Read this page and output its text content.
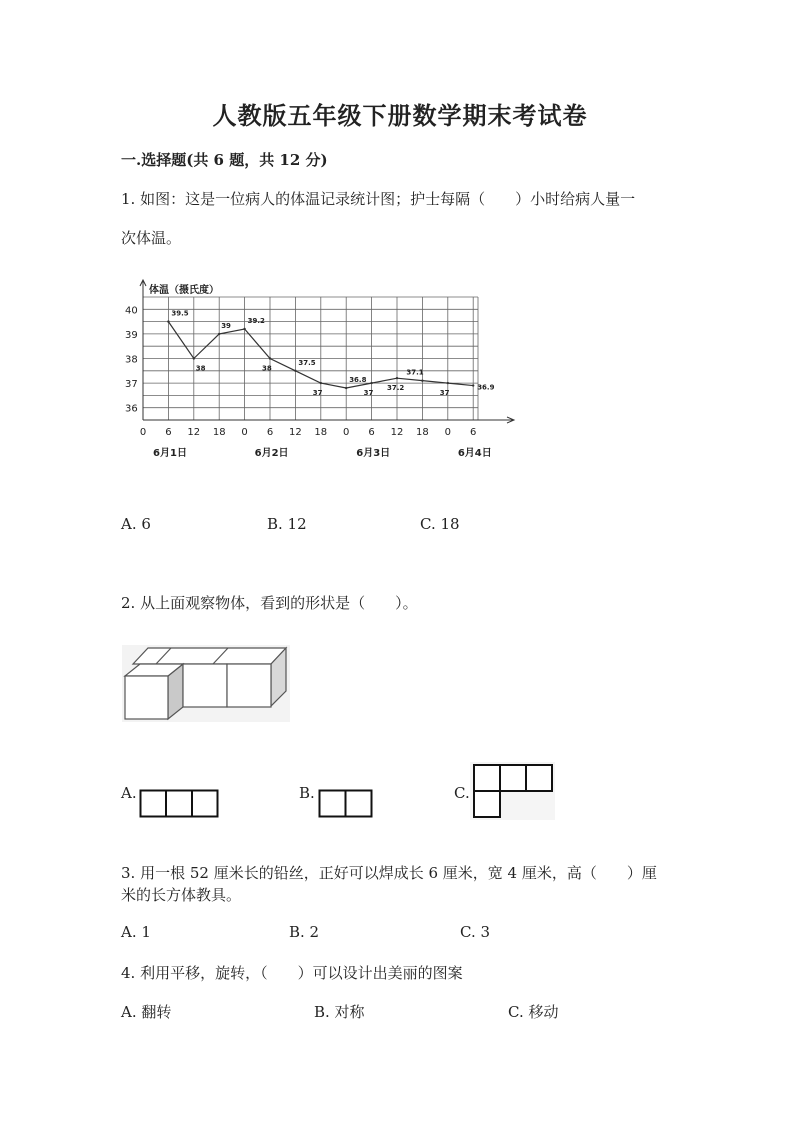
人教版五年级下册数学期末考试卷
一.选择题(共 6 题，共 12 分)
1. 如图：这是一位病人的体温记录统计图；护士每隔（　　）小时给病人量一
次体温。
体温（摄氏度）
40
39
38
37
36
0 6 12 18 0 6 12 18 0 6 12 18 0 6
6月1日	6月2日	6月3日	6月4日
39.5
38
39
39.2
38
37.5
37
36.8
37
37.2
37.1
37
36.9
A. 6	B. 12	C. 18
2. 从上面观察物体，看到的形状是（　　）。
A.	B.	C.
3. 用一根 52 厘米长的铅丝，正好可以焊成长 6 厘米，宽 4 厘米，高（　　）厘
米的长方体教具。
A. 1	B. 2	C. 3
4. 利用平移，旋转，（　　）可以设计出美丽的图案
A. 翻转	B. 对称	C. 移动
